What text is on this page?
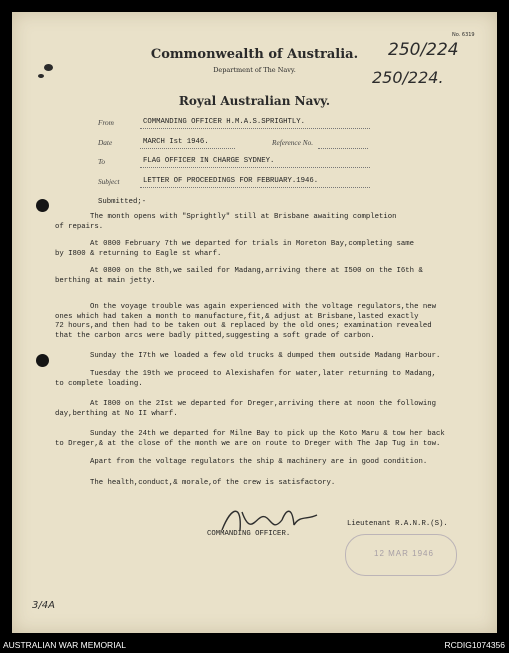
No. 6319
250/224
250/224.
Commonwealth of Australia.
Department of The Navy.
Royal Australian Navy.
From	COMMANDING OFFICER H.M.A.S.SPRIGHTLY.
Date	MARCH Ist 1946.	Reference No.
To	FLAG OFFICER IN CHARGE SYDNEY.
Subject	LETTER OF PROCEEDINGS FOR FEBRUARY.1946.
Submitted;-
The month opens with "Sprightly" still at Brisbane awaiting completion
of repairs.
At 0800 February 7th we departed for trials in Moreton Bay,completing same
by I800 & returning to Eagle st wharf.
At 0800 on the 8th,we sailed for Madang,arriving there at I500 on the I6th &
berthing at main jetty.
On the voyage trouble was again experienced with the voltage regulators,the new
ones which had taken a month to manufacture,fit,& adjust at Brisbane,lasted exactly
72 hours,and then had to be taken out & replaced by the old ones; examination revealed
that the carbon arcs were badly pitted,suggesting a soft grade of carbon.
Sunday the I7th we loaded a few old trucks & dumped them outside Madang Harbour.
Tuesday the 19th we proceed to Alexishafen for water,later returning to Madang,
to complete loading.
At I800 on the 2Ist we departed for Dreger,arriving there at noon the following
day,berthing at No II wharf.
Sunday the 24th we departed for Milne Bay to pick up the Koto Maru & tow her back
to Dreger,& at the close of the month we are on route to Dreger with The Jap Tug in tow.
Apart from the voltage regulators the ship & machinery are in good condition.
The health,conduct,& morale,of the crew is satisfactory.
COMMANDING OFFICER.
Lieutenant R.A.N.R.(S).
12 MAR 1946
3/4A
AUSTRALIAN WAR MEMORIAL	RCDIG1074356
